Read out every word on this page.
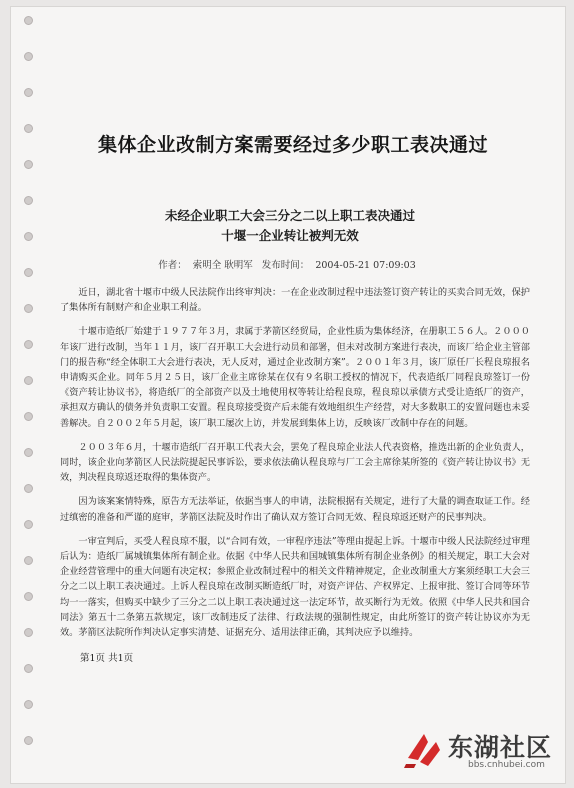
集体企业改制方案需要经过多少职工表决通过
未经企业职工大会三分之二以上职工表决通过
十堰一企业转让被判无效
作者： 索明全 耿明军 发布时间： 2004-05-21 07:09:03

近日，湖北省十堰市中级人民法院作出终审判决：一在企业改制过程中违法签订资产转让的买卖合同无效，保护了集体所有制财产和企业职工利益。

十堰市造纸厂始建于１９７７年３月，隶属于茅箭区经贸局，企业性质为集体经济，在册职工５６人。２０００年该厂进行改制，当年１１月，该厂召开职工大会进行动员和部署，但未对改制方案进行表决，而该厂给企业主管部门的报告称“经全体职工大会进行表决，无人反对，通过企业改制方案”。２００１年３月，该厂原任厂长程良琼报名申请购买企业。同年５月２５日，该厂企业主席徐某在仅有９名职工授权的情况下，代表造纸厂同程良琼签订一份《资产转让协议书》，将造纸厂的全部资产以及土地使用权等转让给程良琼，程良琼以承债方式受让造纸厂的资产，承担双方确认的债务并负责职工安置。程良琼接受资产后未能有效地组织生产经营，对大多数职工的安置问题也未妥善解决。自２００２年５月起，该厂职工屡次上访，并发展到集体上访，反映该厂改制中存在的问题。

２００３年６月，十堰市造纸厂召开职工代表大会，罢免了程良琼企业法人代表资格，推选出新的企业负责人，同时，该企业向茅箭区人民法院提起民事诉讼，要求依法确认程良琼与厂工会主席徐某所签的《资产转让协议书》无效，判决程良琼返还取得的集体资产。

因为该案案情特殊，原告方无法举证，依据当事人的申请，法院根据有关规定，进行了大量的调查取证工作。经过缜密的准备和严谨的庭审，茅箭区法院及时作出了确认双方签订合同无效、程良琼返还财产的民事判决。

一审宣判后，买受人程良琼不服，以“合同有效，一审程序违法”等理由提起上诉。十堰市中级人民法院经过审理后认为：造纸厂属城镇集体所有制企业。依据《中华人民共和国城镇集体所有制企业条例》的相关规定，职工大会对企业经营管理中的重大问题有决定权；参照企业改制过程中的相关文件精神规定，企业改制重大方案须经职工大会三分之二以上职工表决通过。上诉人程良琼在改制买断造纸厂时，对资产评估、产权界定、上报审批、签订合同等环节均一一落实，但购买中缺少了三分之二以上职工表决通过这一法定环节，故买断行为无效。依照《中华人民共和国合同法》第五十二条第五款规定，该厂改制违反了法律、行政法规的强制性规定，由此所签订的资产转让协议亦为无效。茅箭区法院所作判决认定事实清楚、证据充分、适用法律正确，其判决应予以维持。

第1页 共1页
东湖社区
bbs.cnhubei.com
